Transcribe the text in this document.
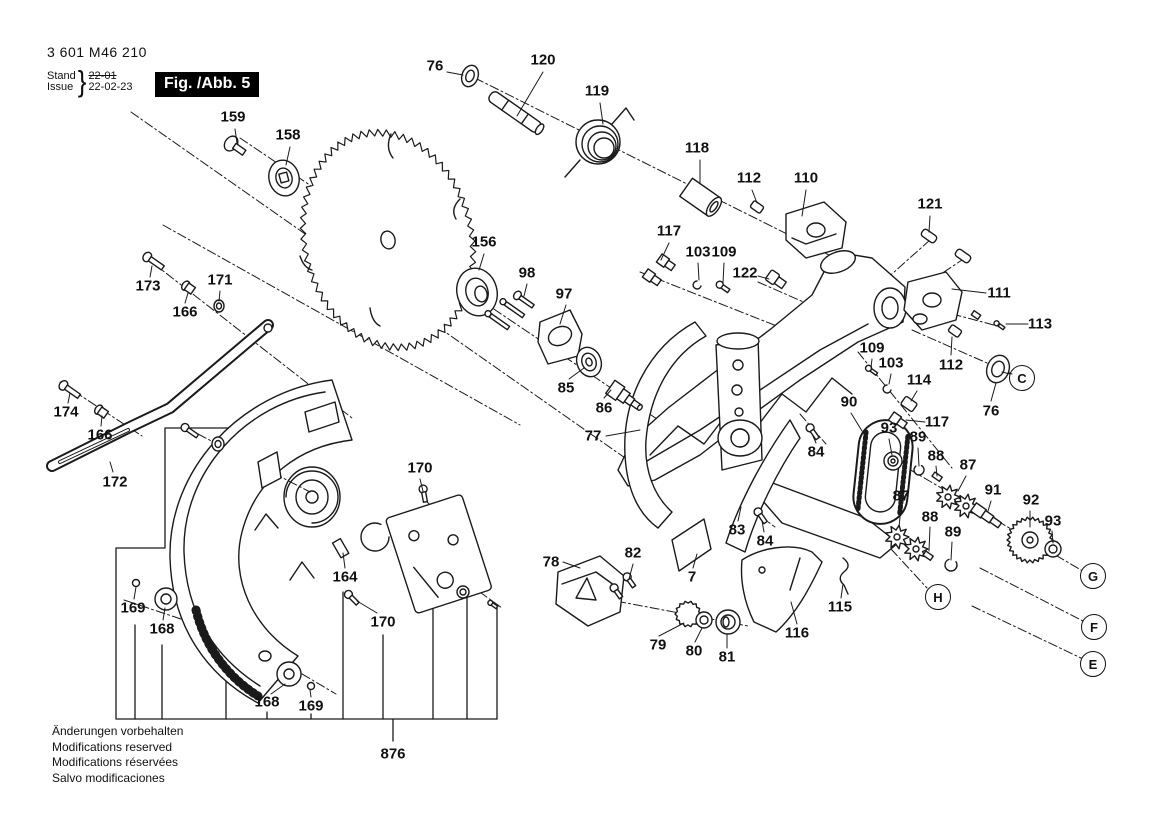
3 601 M46 210
Stand
Issue } 22-01
22-02-23	Fig. /Abb. 5
Änderungen vorbehalten
Modifications reserved
Modifications réservées
Salvo modificaciones
76	120
119
118
112 110
121
159
158
173
166
171
156
98
97
117
103 109
122
111
113
112
76
109
103
114
117
85
86
77
90
93
89
88
87
91
92
93
87
88
89
84
83
84
78
82
7
79 80 81
116
115
174
166
172
170
164
170
169
168
168 169
876
C
H
G
F
E
